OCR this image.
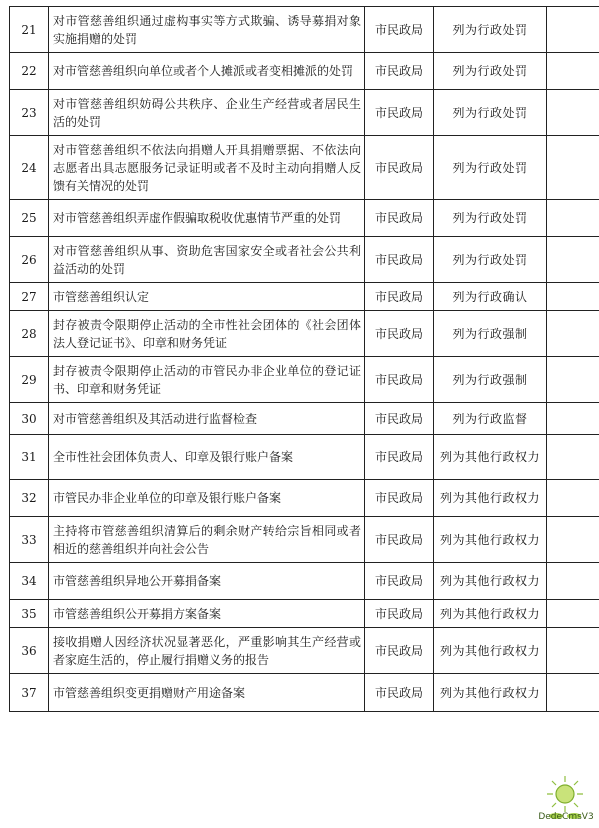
21	对市管慈善组织通过虚构事实等方式欺骗、诱导募捐对象实施捐赠的处罚	市民政局	列为行政处罚	
22	对市管慈善组织向单位或者个人摊派或者变相摊派的处罚	市民政局	列为行政处罚	
23	对市管慈善组织妨碍公共秩序、企业生产经营或者居民生活的处罚	市民政局	列为行政处罚	
24	对市管慈善组织不依法向捐赠人开具捐赠票据、不依法向志愿者出具志愿服务记录证明或者不及时主动向捐赠人反馈有关情况的处罚	市民政局	列为行政处罚	
25	对市管慈善组织弄虚作假骗取税收优惠情节严重的处罚	市民政局	列为行政处罚	
26	对市管慈善组织从事、资助危害国家安全或者社会公共利益活动的处罚	市民政局	列为行政处罚	
27	市管慈善组织认定	市民政局	列为行政确认	
28	封存被责令限期停止活动的全市性社会团体的《社会团体法人登记证书》、印章和财务凭证	市民政局	列为行政强制	
29	封存被责令限期停止活动的市管民办非企业单位的登记证书、印章和财务凭证	市民政局	列为行政强制	
30	对市管慈善组织及其活动进行监督检查	市民政局	列为行政监督	
31	全市性社会团体负责人、印章及银行账户备案	市民政局	列为其他行政权力	
32	市管民办非企业单位的印章及银行账户备案	市民政局	列为其他行政权力	
33	主持将市管慈善组织清算后的剩余财产转给宗旨相同或者相近的慈善组织并向社会公告	市民政局	列为其他行政权力	
34	市管慈善组织异地公开募捐备案	市民政局	列为其他行政权力	
35	市管慈善组织公开募捐方案备案	市民政局	列为其他行政权力	
36	接收捐赠人因经济状况显著恶化，严重影响其生产经营或者家庭生活的，停止履行捐赠义务的报告	市民政局	列为其他行政权力	
37	市管慈善组织变更捐赠财产用途备案	市民政局	列为其他行政权力	
DedeCmsV3
